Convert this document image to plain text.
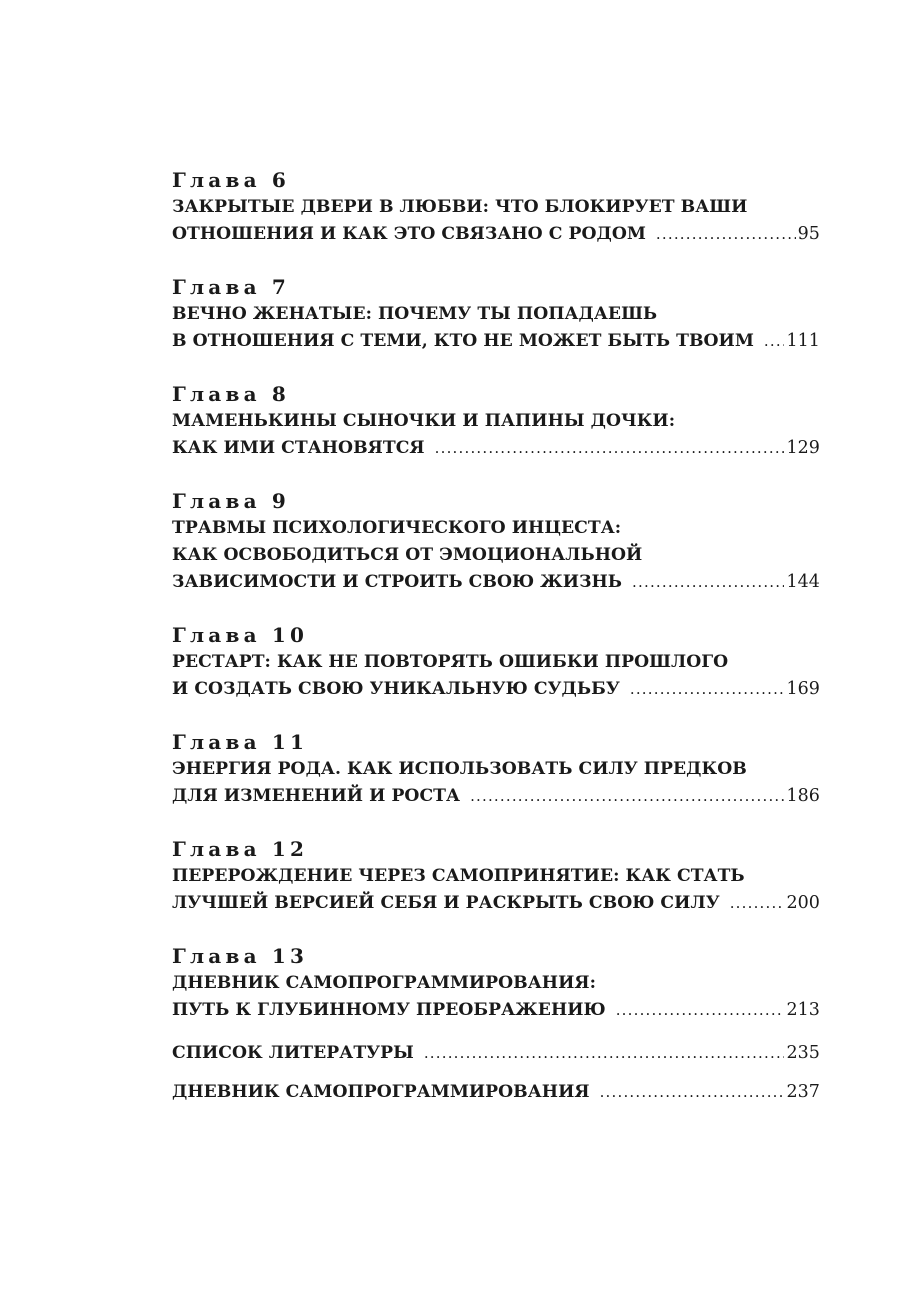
Глава 6
ЗАКРЫТЫЕ ДВЕРИ В ЛЮБВИ: ЧТО БЛОКИРУЕТ ВАШИ
ОТНОШЕНИЯ И КАК ЭТО СВЯЗАНО С РОДОМ .....	95
Глава 7
ВЕЧНО ЖЕНАТЫЕ: ПОЧЕМУ ТЫ ПОПАДАЕШЬ
В ОТНОШЕНИЯ С ТЕМИ, КТО НЕ МОЖЕТ БЫТЬ ТВОИМ ..... 111
Глава 8
МАМЕНЬКИНЫ СЫНОЧКИ И ПАПИНЫ ДОЧКИ:
КАК ИМИ СТАНОВЯТСЯ .....	129
Глава 9
ТРАВМЫ ПСИХОЛОГИЧЕСКОГО ИНЦЕСТА:
КАК ОСВОБОДИТЬСЯ ОТ ЭМОЦИОНАЛЬНОЙ
ЗАВИСИМОСТИ И СТРОИТЬ СВОЮ ЖИЗНЬ .....	144
Глава 10
РЕСТАРТ: КАК НЕ ПОВТОРЯТЬ ОШИБКИ ПРОШЛОГО
И СОЗДАТЬ СВОЮ УНИКАЛЬНУЮ СУДЬБУ .....	169
Глава 11
ЭНЕРГИЯ РОДА. КАК ИСПОЛЬЗОВАТЬ СИЛУ ПРЕДКОВ
ДЛЯ ИЗМЕНЕНИЙ И РОСТА .....	186
Глава 12
ПЕРЕРОЖДЕНИЕ ЧЕРЕЗ САМОПРИНЯТИЕ: КАК СТАТЬ
ЛУЧШЕЙ ВЕРСИЕЙ СЕБЯ И РАСКРЫТЬ СВОЮ СИЛУ .....	200
Глава 13
ДНЕВНИК САМОПРОГРАММИРОВАНИЯ:
ПУТЬ К ГЛУБИННОМУ ПРЕОБРАЖЕНИЮ .....	213
СПИСОК ЛИТЕРАТУРЫ .....	235
ДНЕВНИК САМОПРОГРАММИРОВАНИЯ .....	237
